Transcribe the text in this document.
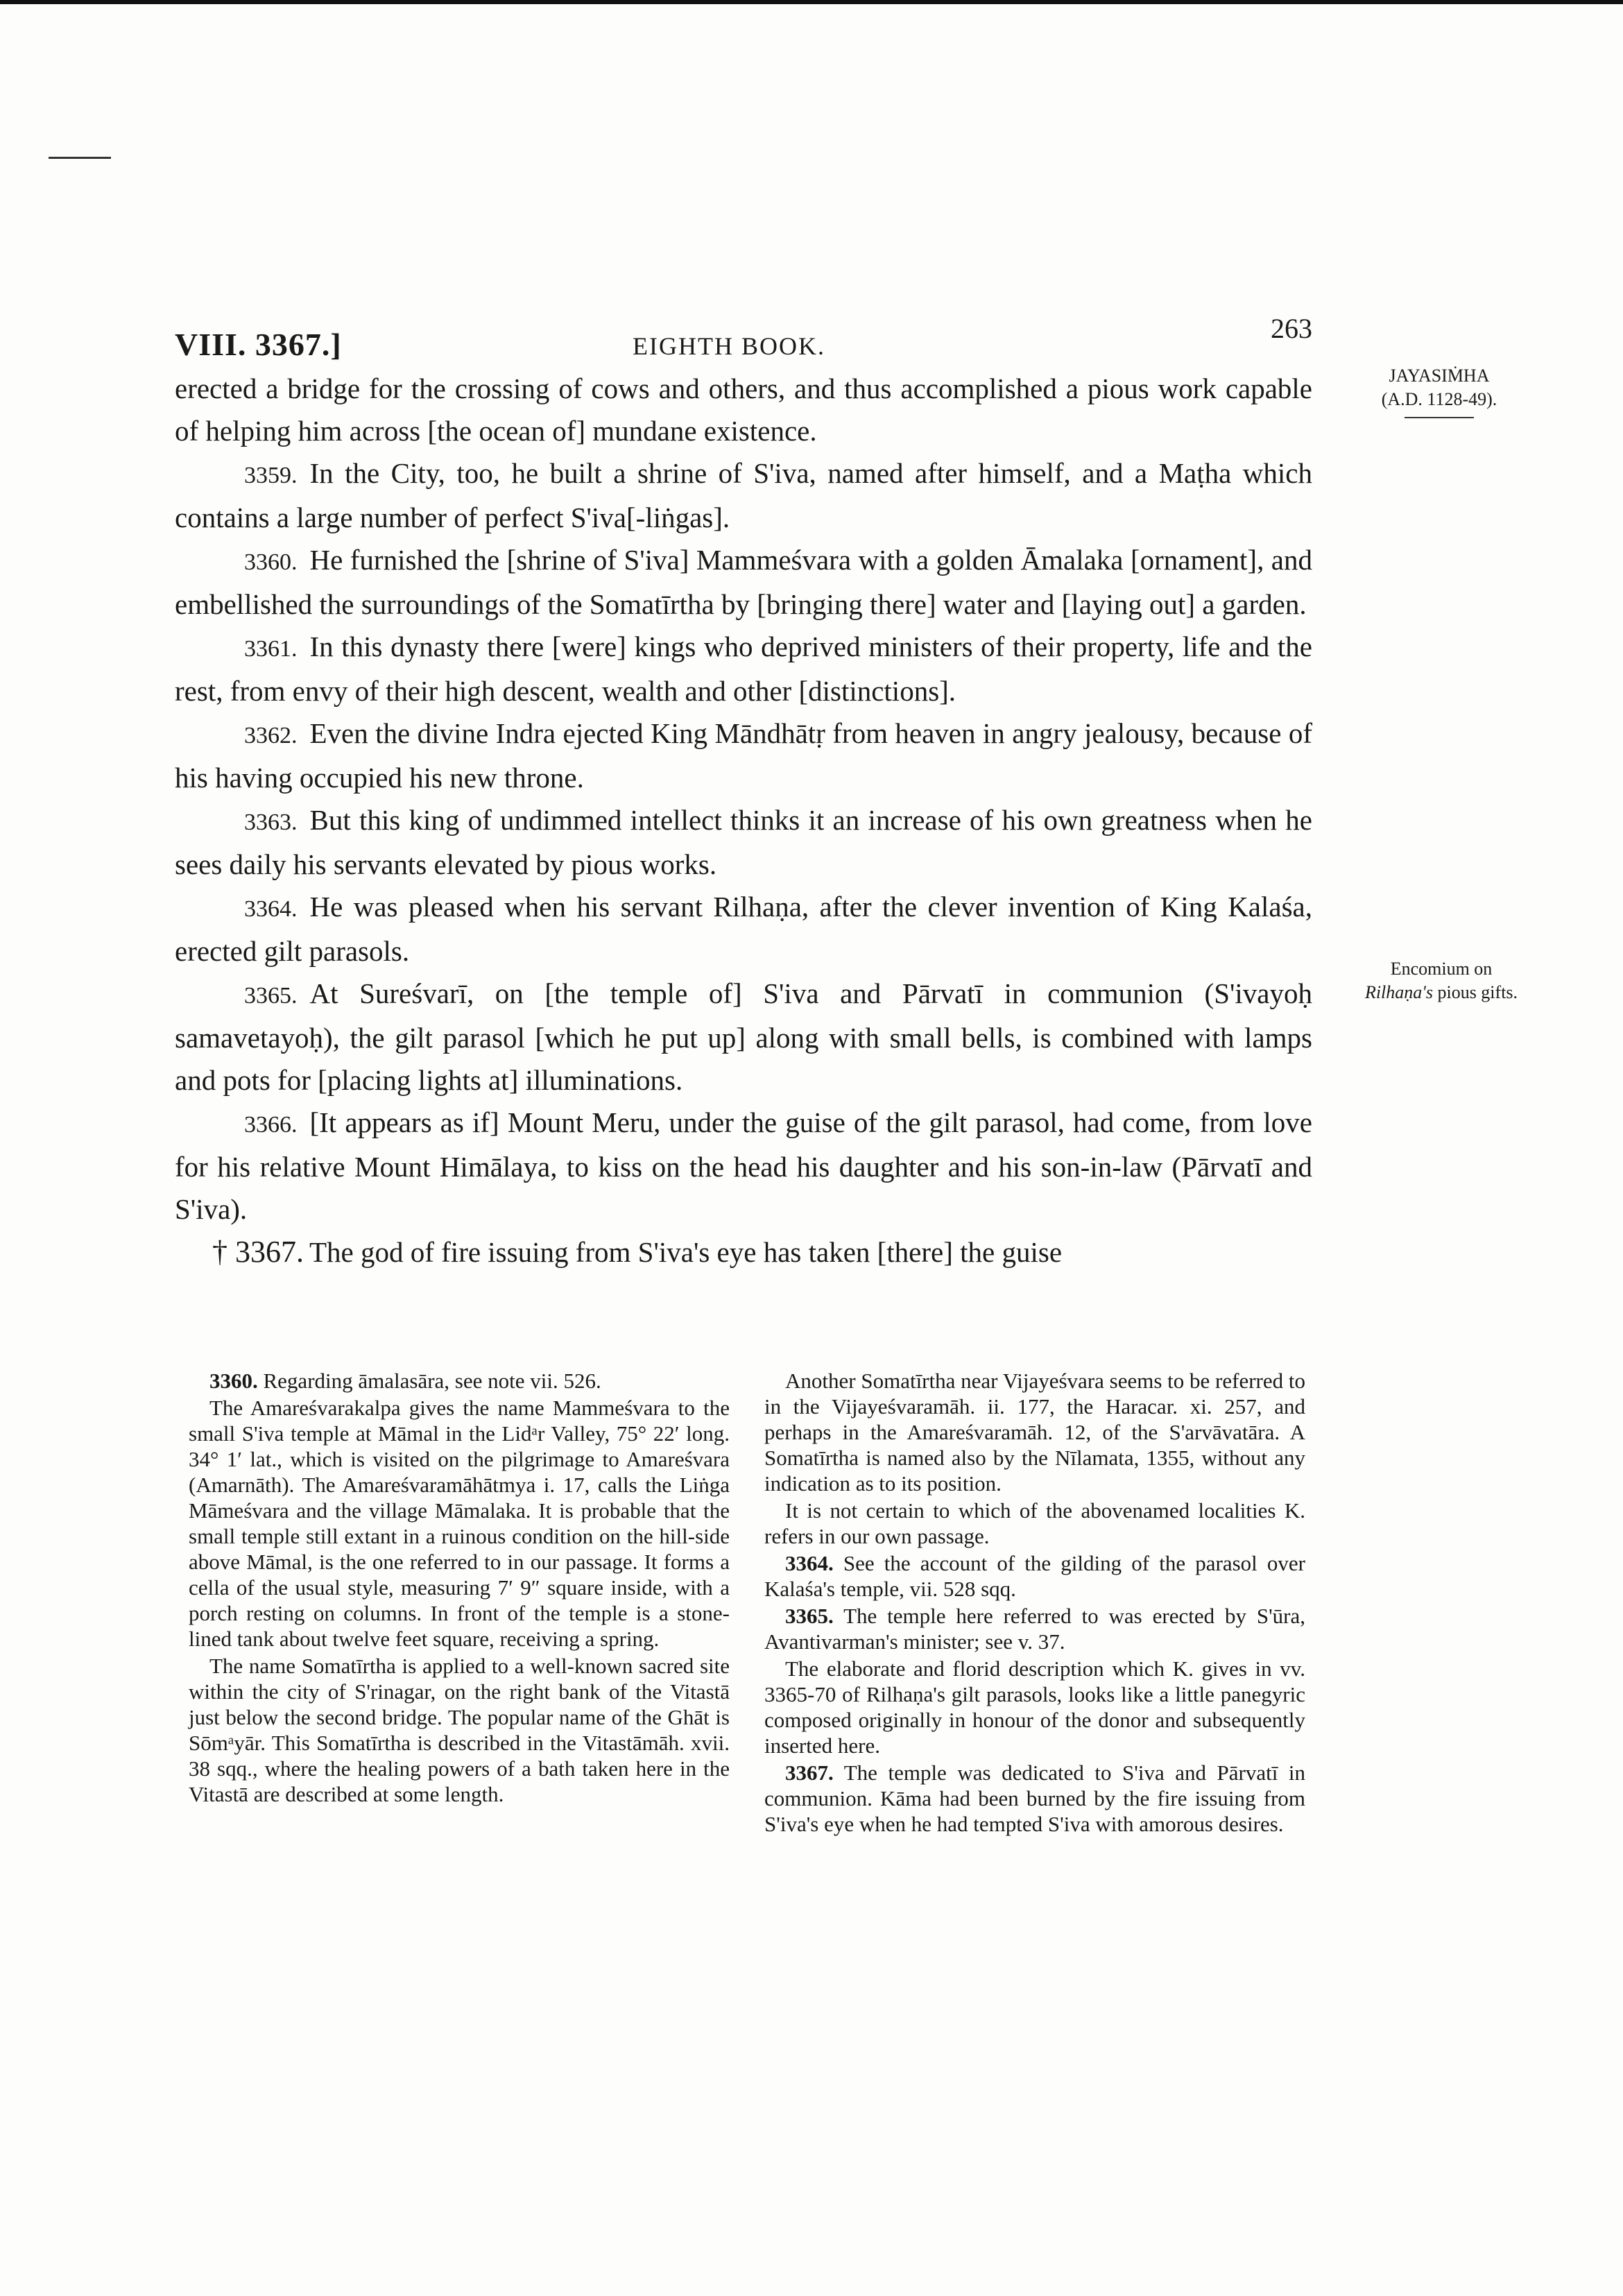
VIII. 3367.]	EIGHTH BOOK.
263
JAYASIṀHA
(A.D. 1128-49).
Encomium on
Rilhaṇa's pious gifts.

erected a bridge for the crossing of cows and others, and thus accomplished a pious work capable of helping him across [the ocean of] mundane existence.

3359. In the City, too, he built a shrine of S'iva, named after himself, and a Maṭha which contains a large number of perfect S'iva[-liṅgas].

3360. He furnished the [shrine of S'iva] Mammeśvara with a golden Āmalaka [ornament], and embellished the surroundings of the Somatīrtha by [bringing there] water and [laying out] a garden.

3361. In this dynasty there [were] kings who deprived ministers of their property, life and the rest, from envy of their high descent, wealth and other [distinctions].

3362. Even the divine Indra ejected King Māndhātṛ from heaven in angry jealousy, because of his having occupied his new throne.

3363. But this king of undimmed intellect thinks it an increase of his own greatness when he sees daily his servants elevated by pious works.

3364. He was pleased when his servant Rilhaṇa, after the clever invention of King Kalaśa, erected gilt parasols.

3365. At Sureśvarī, on [the temple of] S'iva and Pārvatī in communion (S'ivayoḥ samavetayoḥ), the gilt parasol [which he put up] along with small bells, is combined with lamps and pots for [placing lights at] illuminations.

3366. [It appears as if] Mount Meru, under the guise of the gilt parasol, had come, from love for his relative Mount Himālaya, to kiss on the head his daughter and his son-in-law (Pārvatī and S'iva).

† 3367. The god of fire issuing from S'iva's eye has taken [there] the guise

3360. Regarding āmalasāra, see note vii. 526.

The Amareśvarakalpa gives the name Mammeśvara to the small S'iva temple at Māmal in the Lidᵃr Valley, 75° 22′ long. 34° 1′ lat., which is visited on the pilgrimage to Amareśvara (Amarnāth). The Amareśvaramāhātmya i. 17, calls the Liṅga Māmeśvara and the village Māmalaka. It is probable that the small temple still extant in a ruinous condition on the hill-side above Māmal, is the one referred to in our passage. It forms a cella of the usual style, measuring 7′ 9″ square inside, with a porch resting on columns. In front of the temple is a stone-lined tank about twelve feet square, receiving a spring.

The name Somatīrtha is applied to a well-known sacred site within the city of S'rinagar, on the right bank of the Vitastā just below the second bridge. The popular name of the Ghāt is Sōmᵃyār. This Somatīrtha is described in the Vitastāmāh. xvii. 38 sqq., where the healing powers of a bath taken here in the Vitastā are described at some length.

Another Somatīrtha near Vijayeśvara seems to be referred to in the Vijayeśvaramāh. ii. 177, the Haracar. xi. 257, and perhaps in the Amareśvaramāh. 12, of the S'arvāvatāra. A Somatīrtha is named also by the Nīlamata, 1355, without any indication as to its position.

It is not certain to which of the abovenamed localities K. refers in our own passage.

3364. See the account of the gilding of the parasol over Kalaśa's temple, vii. 528 sqq.

3365. The temple here referred to was erected by S'ūra, Avantivarman's minister; see v. 37.

The elaborate and florid description which K. gives in vv. 3365-70 of Rilhaṇa's gilt parasols, looks like a little panegyric composed originally in honour of the donor and subsequently inserted here.

3367. The temple was dedicated to S'iva and Pārvatī in communion. Kāma had been burned by the fire issuing from S'iva's eye when he had tempted S'iva with amorous desires.
